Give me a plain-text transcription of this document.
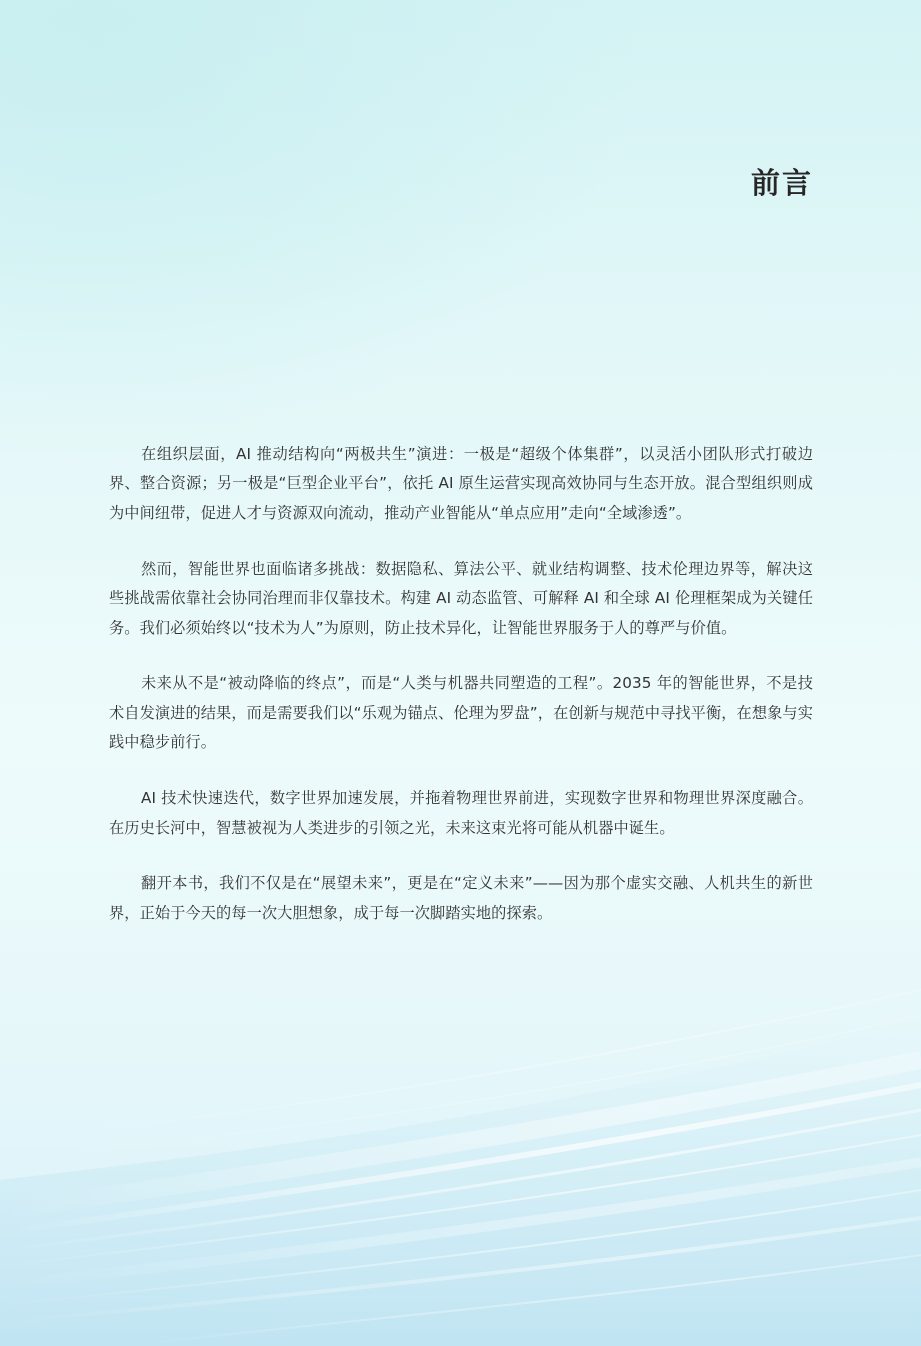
前言

在组织层面，AI 推动结构向“两极共生”演进：一极是“超级个体集群”，以灵活小团队形式打破边界、整合资源；另一极是“巨型企业平台”，依托 AI 原生运营实现高效协同与生态开放。混合型组织则成为中间纽带，促进人才与资源双向流动，推动产业智能从“单点应用”走向“全域渗透”。

然而，智能世界也面临诸多挑战：数据隐私、算法公平、就业结构调整、技术伦理边界等，解决这些挑战需依靠社会协同治理而非仅靠技术。构建 AI 动态监管、可解释 AI 和全球 AI 伦理框架成为关键任务。我们必须始终以“技术为人”为原则，防止技术异化，让智能世界服务于人的尊严与价值。

未来从不是“被动降临的终点”，而是“人类与机器共同塑造的工程”。2035 年的智能世界，不是技术自发演进的结果，而是需要我们以“乐观为锚点、伦理为罗盘”，在创新与规范中寻找平衡，在想象与实践中稳步前行。

AI 技术快速迭代，数字世界加速发展，并拖着物理世界前进，实现数字世界和物理世界深度融合。在历史长河中，智慧被视为人类进步的引领之光，未来这束光将可能从机器中诞生。

翻开本书，我们不仅是在“展望未来”，更是在“定义未来”——因为那个虚实交融、人机共生的新世界，正始于今天的每一次大胆想象，成于每一次脚踏实地的探索。
